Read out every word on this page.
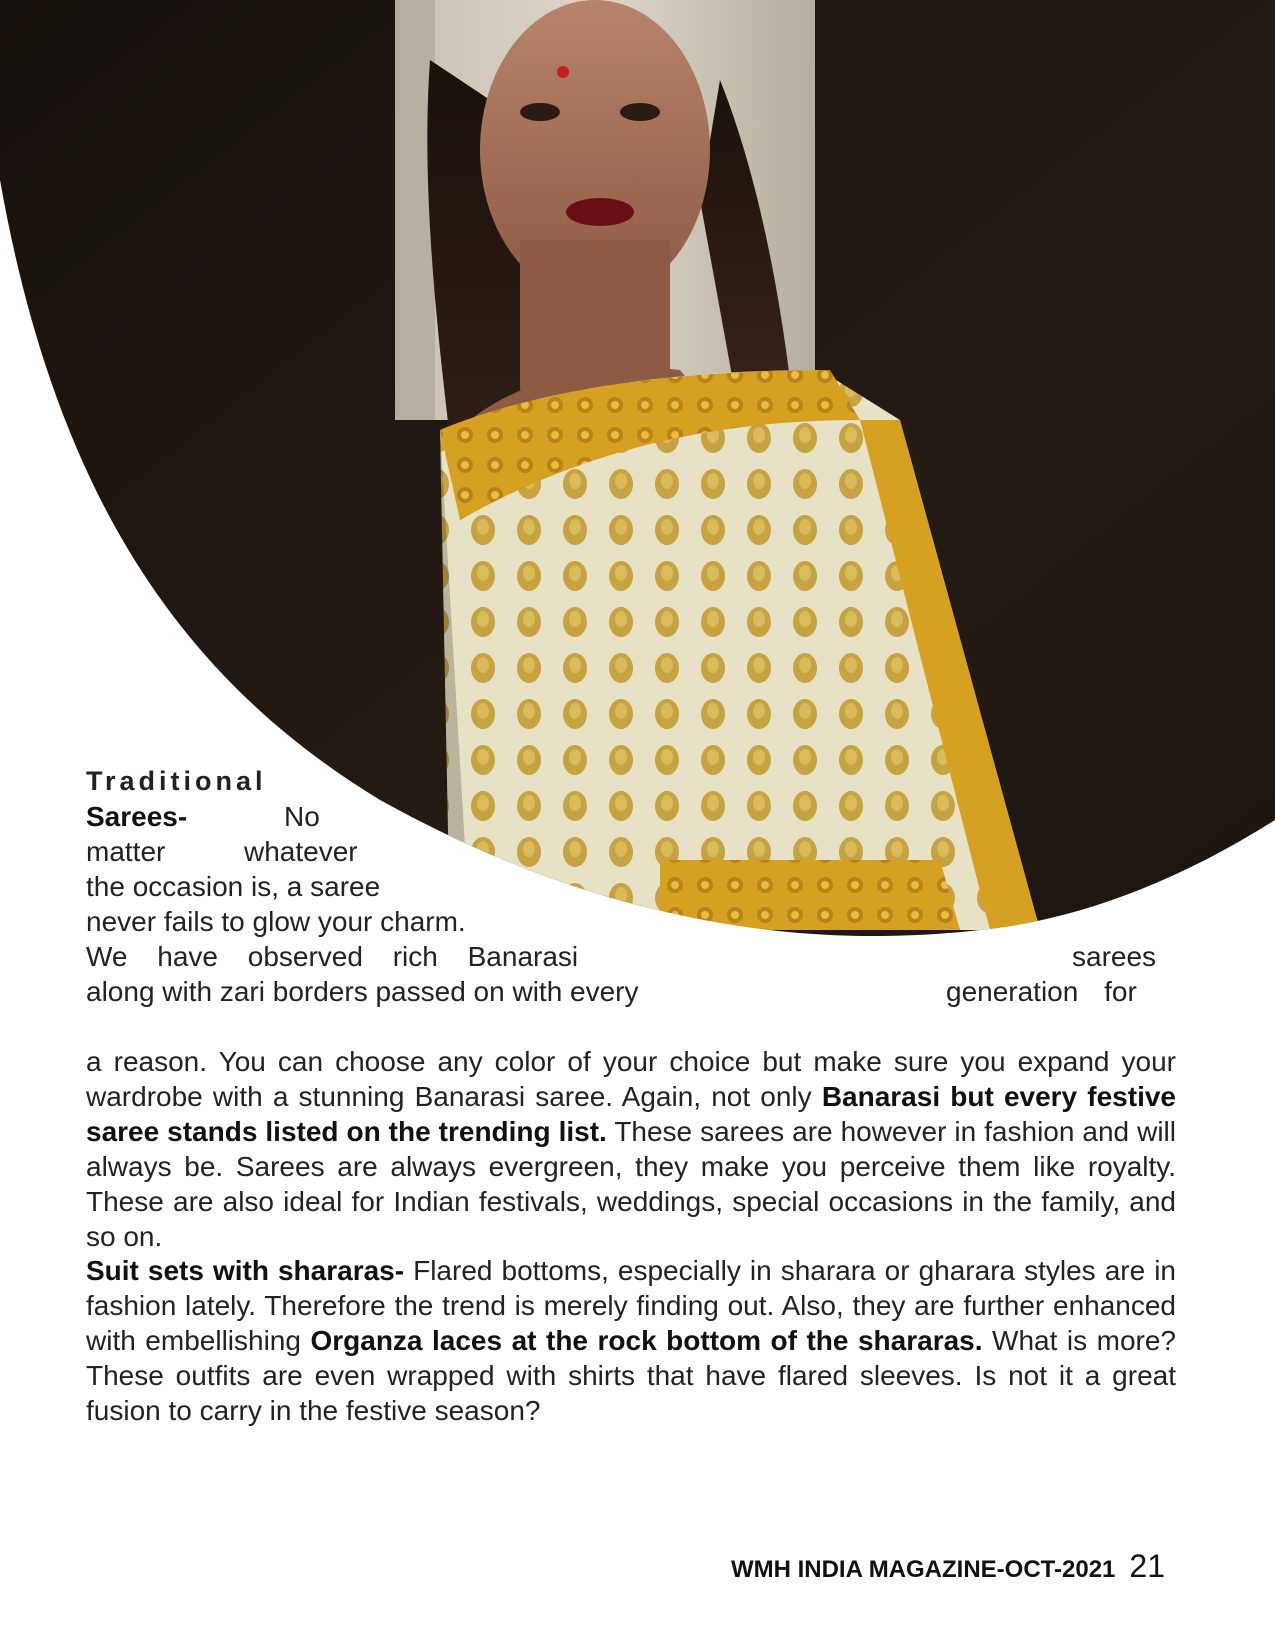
Traditional
Sarees-	No
matter	whatever
the occasion is, a saree
never fails to glow your charm.
We have observed rich Banarasi	sarees
along with zari borders passed on with every	generation for
a reason. You can choose any color of your choice but make sure you expand your wardrobe with a stunning Banarasi saree. Again, not only Banarasi but every festive saree stands listed on the trending list. These sarees are however in fashion and will always be. Sarees are always evergreen, they make you perceive them like royalty. These are also ideal for Indian festivals, weddings, special occasions in the family, and so on.
Suit sets with shararas- Flared bottoms, especially in sharara or gharara styles are in fashion lately. Therefore the trend is merely finding out. Also, they are further enhanced with embellishing Organza laces at the rock bottom of the shararas. What is more? These outfits are even wrapped with shirts that have flared sleeves. Is not it a great fusion to carry in the festive season?
WMH INDIA MAGAZINE-OCT-2021 21
